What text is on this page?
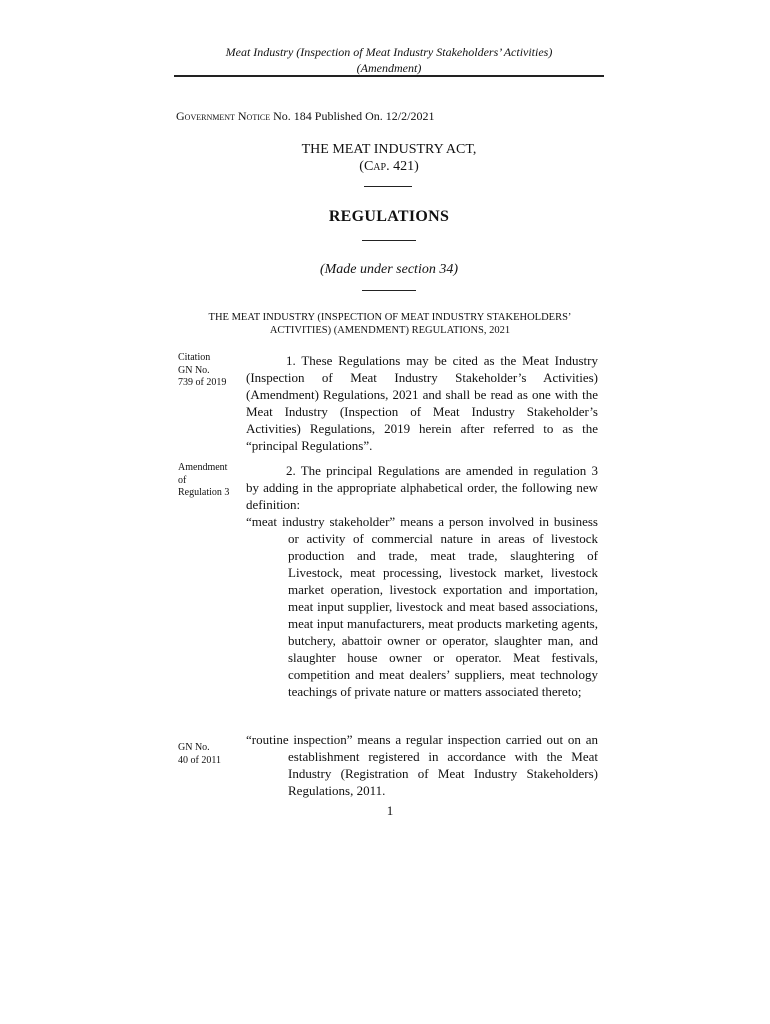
Meat Industry (Inspection of Meat Industry Stakeholders’ Activities)
(Amendment)
Government Notice No. 184 Published On. 12/2/2021
THE MEAT INDUSTRY ACT,
(Cap. 421)
REGULATIONS
(Made under section 34)
THE MEAT INDUSTRY (INSPECTION OF MEAT INDUSTRY STAKEHOLDERS’
ACTIVITIES) (AMENDMENT) REGULATIONS, 2021
Citation
GN No.
739 of 2019
1. These Regulations may be cited as the Meat Industry (Inspection of Meat Industry Stakeholder’s Activities) (Amendment) Regulations, 2021 and shall be read as one with the Meat Industry (Inspection of Meat Industry Stakeholder’s Activities) Regulations, 2019 herein after referred to as the “principal Regulations”.
Amendment
of
Regulation 3
2. The principal Regulations are amended in regulation 3 by adding in the appropriate alphabetical order, the following new definition:
“meat industry stakeholder” means a person involved in business or activity of commercial nature in areas of livestock production and trade, meat trade, slaughtering of Livestock, meat processing, livestock market, livestock market operation, livestock exportation and importation, meat input supplier, livestock and meat based associations, meat input manufacturers, meat products marketing agents, butchery, abattoir owner or operator, slaughter man, and slaughter house owner or operator. Meat festivals, competition and meat dealers’ suppliers, meat technology teachings of private nature or matters associated thereto;
GN No.
40 of 2011
“routine inspection” means a regular inspection carried out on an establishment registered in accordance with the Meat Industry (Registration of Meat Industry Stakeholders) Regulations, 2011.
1
